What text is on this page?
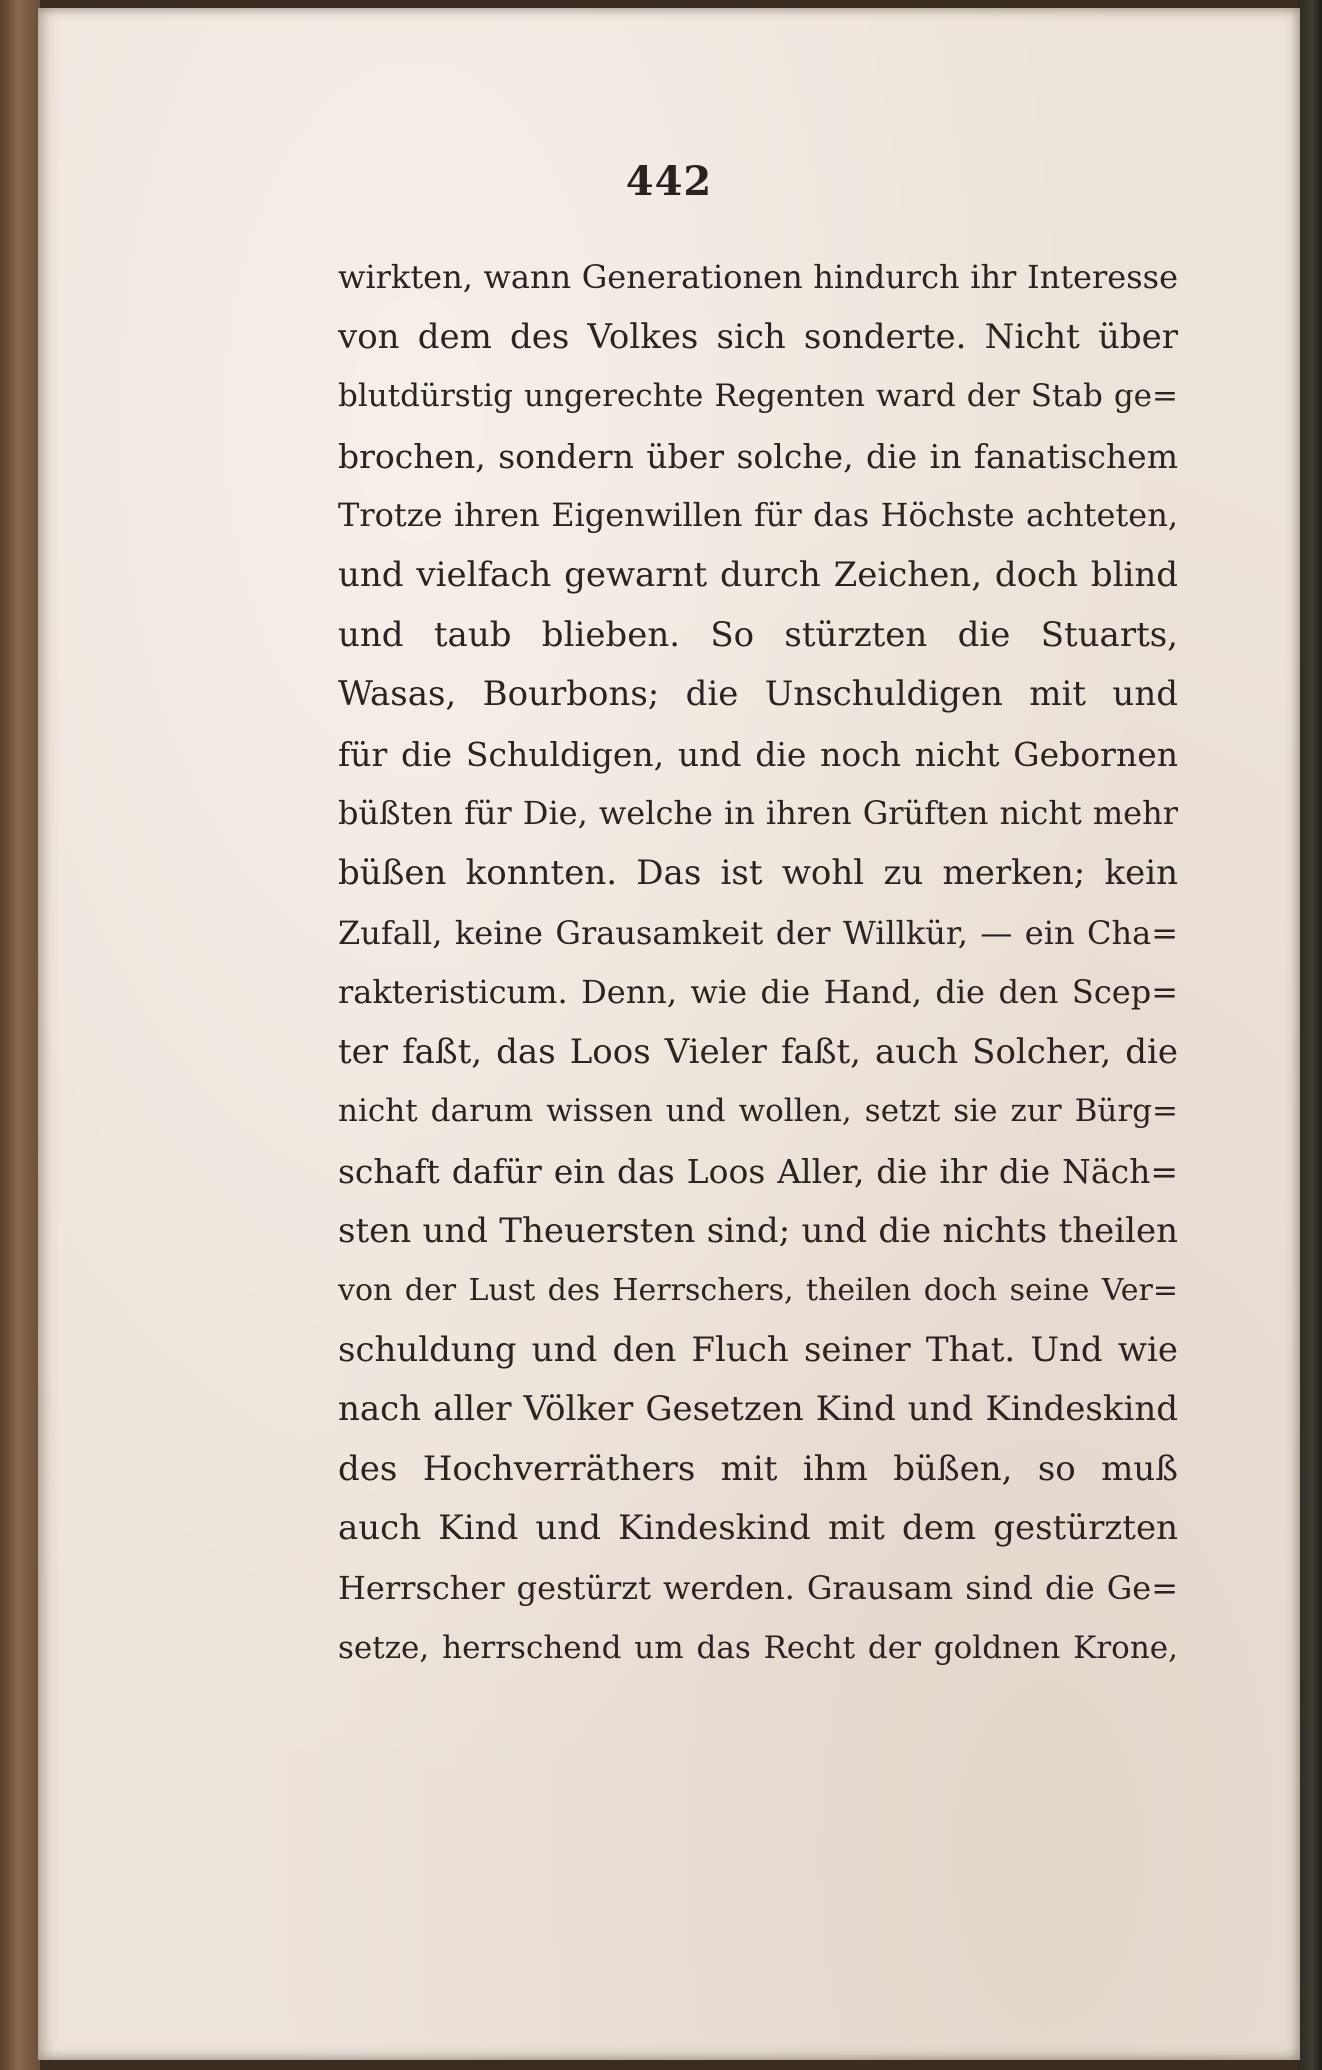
442
wirkten, wann Generationen hindurch ihr Interesse
von dem des Volkes sich sonderte. Nicht über
blutdürstig ungerechte Regenten ward der Stab ge=
brochen, sondern über solche, die in fanatischem
Trotze ihren Eigenwillen für das Höchste achteten,
und vielfach gewarnt durch Zeichen, doch blind
und taub blieben. So stürzten die Stuarts,
Wasas, Bourbons; die Unschuldigen mit und
für die Schuldigen, und die noch nicht Gebornen
büßten für Die, welche in ihren Grüften nicht mehr
büßen konnten. Das ist wohl zu merken; kein
Zufall, keine Grausamkeit der Willkür, — ein Cha=
rakteristicum. Denn, wie die Hand, die den Scep=
ter faßt, das Loos Vieler faßt, auch Solcher, die
nicht darum wissen und wollen, setzt sie zur Bürg=
schaft dafür ein das Loos Aller, die ihr die Näch=
sten und Theuersten sind; und die nichts theilen
von der Lust des Herrschers, theilen doch seine Ver=
schuldung und den Fluch seiner That. Und wie
nach aller Völker Gesetzen Kind und Kindeskind
des Hochverräthers mit ihm büßen, so muß
auch Kind und Kindeskind mit dem gestürzten
Herrscher gestürzt werden. Grausam sind die Ge=
setze, herrschend um das Recht der goldnen Krone,
